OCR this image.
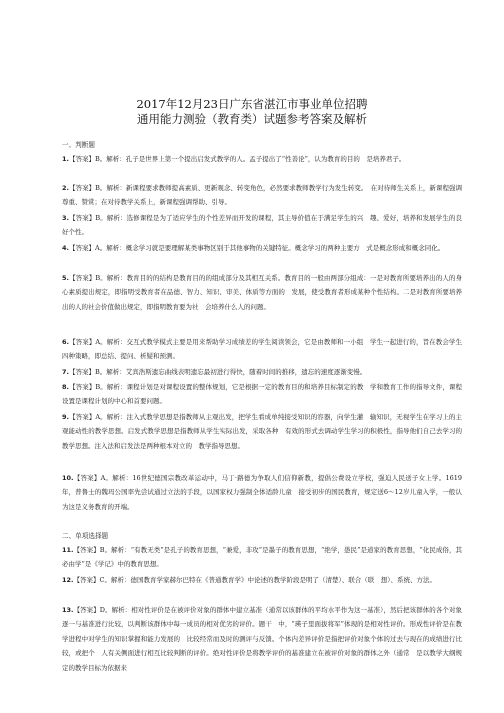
2017年12月23日广东省湛江市事业单位招聘
通用能力测验（教育类）试题参考答案及解析
一、判断题
1.【答案】B。解析：孔子是世界上第一个提出启发式教学的人。孟子提出了“性善论”，认为教育的目的　是培养君子。
2.【答案】B。解析：新课程要求教师提高素质、更新观念、转变角色，必然要求教师教学行为发生转变。　在对待师生关系上，新课程强调尊重、赞赏；在对待教学关系上，新课程强调帮助、引导。
3.【答案】B。解析：选修课程是为了适应学生的个性差异而开发的课程，其主导价值在于满足学生的兴　趣、爱好，培养和发展学生的良好个性。
4.【答案】A。解析：概念学习就是要理解某类事物区别于其他事物的关键特征。概念学习的两种主要方　式是概念形成和概念同化。
5.【答案】B。解析：教育目的的结构是教育目的的组成部分及其相互关系。教育目的一般由两部分组成：一是对教育所要培养出的人的身心素质提出规定，即指明受教育者在品德、智力、知识、审美、体质等方面的　发展，使受教育者形成某种个性结构。二是对教育所要培养出的人的社会价值做出规定，即指明教育要为社　会培养什么人的问题。
6.【答案】A。解析：交互式教学模式主要是用来帮助学习成绩差的学生阅读领会，它是由教师和一小组　学生一起进行的，旨在教会学生四种策略，即总结、提问、析疑和预测。
7.【答案】B。解析：艾宾浩斯遗忘曲线表明遗忘最初进行得快，随着时间的推移，遗忘的速度逐渐变慢。
8.【答案】B。解析：课程计划是对课程设置的整体规划，它是根据一定的教育目的和培养目标制定的教　学和教育工作的指导文件，课程设置是课程计划的中心和首要问题。
9.【答案】A。解析：注入式教学思想是指教师从主观出发，把学生看成单纯接受知识的容器，向学生灌　输知识，无视学生在学习上的主观能动性的教学思想。启发式教学思想是指教师从学生实际出发，采取各种　有效的形式去调动学生学习的积极性，指导他们自己去学习的教学思想。注入法和启发法是两种根本对立的　教学指导思想。
10.【答案】A。解析：16世纪德国宗教改革运动中，马丁·路德为争取人们信仰新教，提倡公费设立学校，强迫人民送子女上学。1619年，普鲁士的魏玛公国率先尝试通过立法的手段，以国家权力强制全体适龄儿童　接受初步的国民教育，规定送6～12岁儿童入学，一般认为这是义务教育的开端。
二、单项选择题
11.【答案】B。解析：“有教无类”是孔子的教育思想，“兼爱，非攻”是墨子的教育思想，“绝学，愚民”是道家的教育思想，“化民成俗，其必由学”是《学记》中的教育思想。
12.【答案】C。解析：德国教育学家赫尔巴特在《普通教育学》中论述的教学阶段是明了（清楚）、联合（联　想）、系统、方法。
13.【答案】D。解析：相对性评价是在被评价对象的群体中建立基准（通常以该群体的平均水平作为这一基准），然后把该群体的各个对象逐一与基准进行比较，以判断该群体中每一成员的相对优劣的评价。题干　中，“瑛子里面拔将军”体现的是相对性评价。形成性评价是在教学进程中对学生的知识掌握和能力发展的　比较经常而及时的测评与反馈。个体内差异评价是指把评价对象个体的过去与现在的成绩进行比较，或把个　人有关侧面进行相互比较判断的评价。绝对性评价是将教学评价的基准建立在被评价对象的群体之外（通常　是以教学大纲规定的教学目标为依据来
